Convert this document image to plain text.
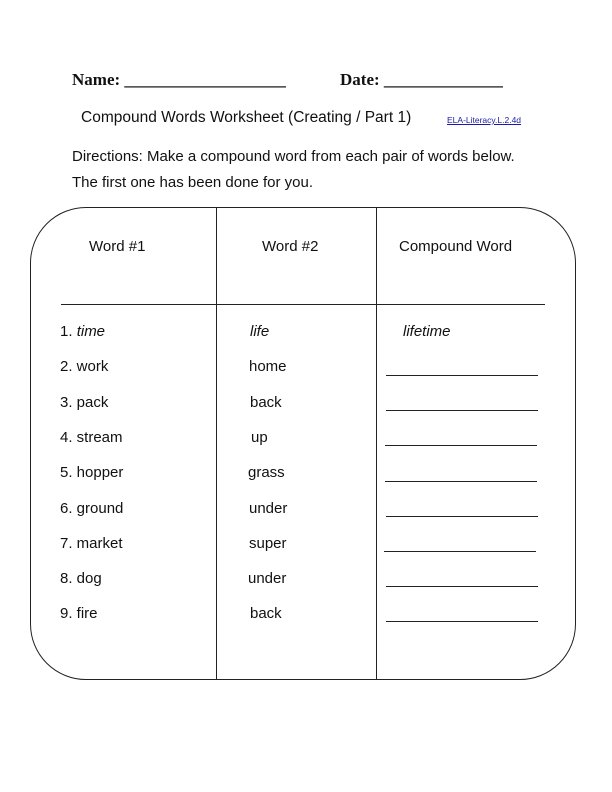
Name: ___________________	Date: ______________
Compound Words Worksheet (Creating / Part 1)	ELA-Literacy.L.2.4d
Directions: Make a compound word from each pair of words below. The first one has been done for you.
Word #1	Word #2	Compound Word
1. time	life	lifetime
2. work	home
3. pack	back
4. stream	up
5. hopper	grass
6. ground	under
7. market	super
8. dog	under
9. fire	back
